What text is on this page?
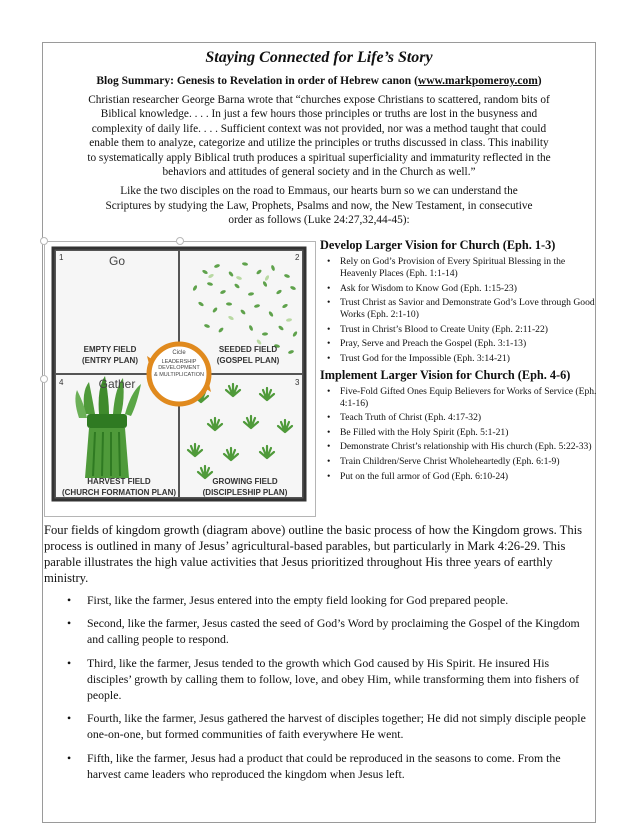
Staying Connected for Life’s Story
Blog Summary: Genesis to Revelation in order of Hebrew canon (www.markpomeroy.com)
Christian researcher George Barna wrote that “churches expose Christians to scattered, random bits of Biblical knowledge. . . . In just a few hours those principles or truths are lost in the busyness and complexity of daily life. . . . Sufficient context was not provided, nor was a method taught that could enable them to analyze, categorize and utilize the principles or truths discussed in class. This inability to systematically apply Biblical truth produces a spiritual superficiality and immaturity reflected in the behaviors and attitudes of general society and in the Church as well.”
Like the two disciples on the road to Emmaus, our hearts burn so we can understand the Scriptures by studying the Law, Prophets, Psalms and now, the New Testament, in consecutive order as follows (Luke 24:27,32,44-45):
1	2
3
4
Go
Gather
EMPTY FIELD
(ENTRY PLAN)
SEEDED FIELD
(GOSPEL PLAN)
GROWING FIELD
(DISCIPLESHIP PLAN)
HARVEST FIELD
(CHURCH FORMATION PLAN)
Cicle
LEADERSHIP
DEVELOPMENT
& MULTIPLICATION
Develop Larger Vision for Church (Eph. 1-3)
• Rely on God’s Provision of Every Spiritual Blessing in the Heavenly Places (Eph. 1:1-14)
• Ask for Wisdom to Know God (Eph. 1:15-23)
• Trust Christ as Savior and Demonstrate God’s Love through Good Works (Eph. 2:1-10)
• Trust in Christ’s Blood to Create Unity (Eph. 2:11-22)
• Pray, Serve and Preach the Gospel (Eph. 3:1-13)
• Trust God for the Impossible (Eph. 3:14-21)
Implement Larger Vision for Church (Eph. 4-6)
• Five-Fold Gifted Ones Equip Believers for Works of Service (Eph. 4:1-16)
• Teach Truth of Christ (Eph. 4:17-32)
• Be Filled with the Holy Spirit (Eph. 5:1-21)
• Demonstrate Christ’s relationship with His church (Eph. 5:22-33)
• Train Children/Serve Christ Wholeheartedly (Eph. 6:1-9)
• Put on the full armor of God (Eph. 6:10-24)
Four fields of kingdom growth (diagram above) outline the basic process of how the Kingdom grows. This process is outlined in many of Jesus’ agricultural-based parables, but particularly in Mark 4:26-29. This parable illustrates the high value activities that Jesus prioritized throughout His three years of earthly ministry.
• First, like the farmer, Jesus entered into the empty field looking for God prepared people.
• Second, like the farmer, Jesus casted the seed of God’s Word by proclaiming the Gospel of the Kingdom and calling people to respond.
• Third, like the farmer, Jesus tended to the growth which God caused by His Spirit. He insured His disciples’ growth by calling them to follow, love, and obey Him, while transforming them into fishers of people.
• Fourth, like the farmer, Jesus gathered the harvest of disciples together; He did not simply disciple people one-on-one, but formed communities of faith everywhere He went.
• Fifth, like the farmer, Jesus had a product that could be reproduced in the seasons to come. From the harvest came leaders who reproduced the kingdom when Jesus left.
